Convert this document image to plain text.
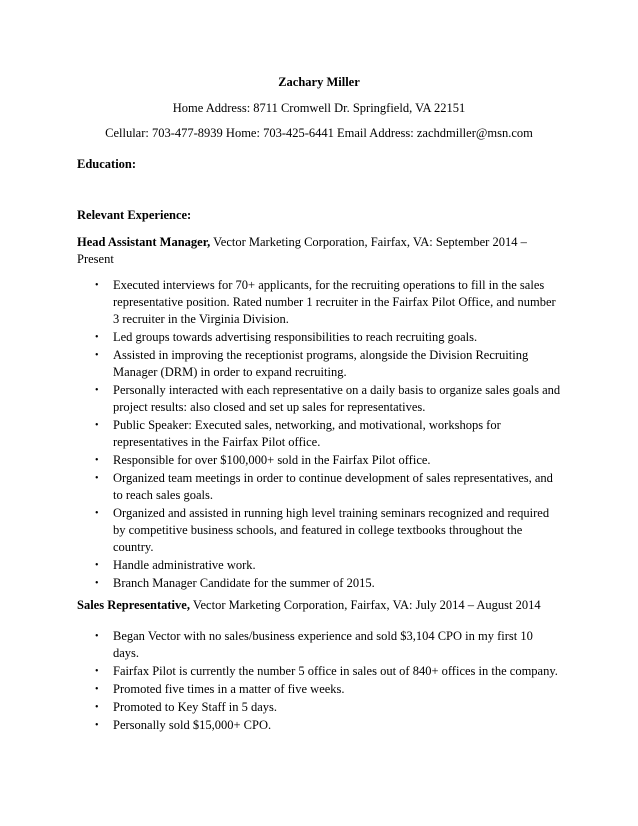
Zachary Miller
Home Address: 8711 Cromwell Dr. Springfield, VA 22151
Cellular: 703-477-8939 Home: 703-425-6441 Email Address: zachdmiller@msn.com
Education:
Relevant Experience:
Head Assistant Manager, Vector Marketing Corporation, Fairfax, VA: September 2014 – Present
• Executed interviews for 70+ applicants, for the recruiting operations to fill in the sales representative position. Rated number 1 recruiter in the Fairfax Pilot Office, and number 3 recruiter in the Virginia Division.
• Led groups towards advertising responsibilities to reach recruiting goals.
• Assisted in improving the receptionist programs, alongside the Division Recruiting Manager (DRM) in order to expand recruiting.
• Personally interacted with each representative on a daily basis to organize sales goals and project results: also closed and set up sales for representatives.
• Public Speaker: Executed sales, networking, and motivational, workshops for representatives in the Fairfax Pilot office.
• Responsible for over $100,000+ sold in the Fairfax Pilot office.
• Organized team meetings in order to continue development of sales representatives, and to reach sales goals.
• Organized and assisted in running high level training seminars recognized and required by competitive business schools, and featured in college textbooks throughout the country.
• Handle administrative work.
• Branch Manager Candidate for the summer of 2015.
Sales Representative, Vector Marketing Corporation, Fairfax, VA: July 2014 – August 2014
• Began Vector with no sales/business experience and sold $3,104 CPO in my first 10 days.
• Fairfax Pilot is currently the number 5 office in sales out of 840+ offices in the company.
• Promoted five times in a matter of five weeks.
• Promoted to Key Staff in 5 days.
• Personally sold $15,000+ CPO.
